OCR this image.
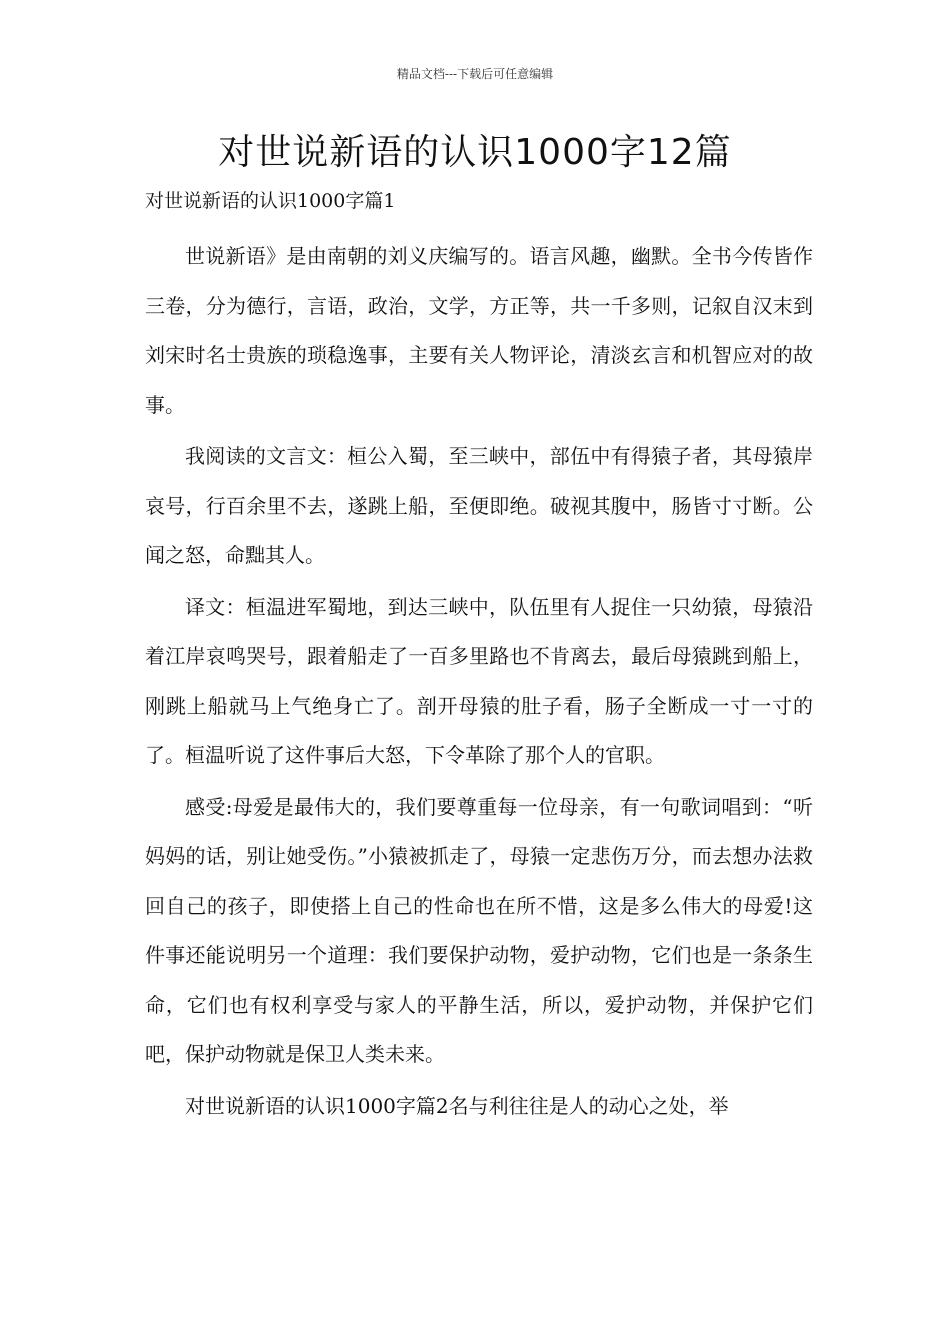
精品文档---下载后可任意编辑
对世说新语的认识1000字12篇

对世说新语的认识1000字篇1

世说新语》是由南朝的刘义庆编写的。语言风趣，幽默。全书今传皆作三卷，分为德行，言语，政治，文学，方正等，共一千多则，记叙自汉末到刘宋时名士贵族的琐稳逸事，主要有关人物评论，清淡玄言和机智应对的故事。

我阅读的文言文：桓公入蜀，至三峡中，部伍中有得猿子者，其母猿岸哀号，行百余里不去，遂跳上船，至便即绝。破视其腹中，肠皆寸寸断。公闻之怒，命黜其人。

译文：桓温进军蜀地，到达三峡中，队伍里有人捉住一只幼猿，母猿沿着江岸哀鸣哭号，跟着船走了一百多里路也不肯离去，最后母猿跳到船上，刚跳上船就马上气绝身亡了。剖开母猿的肚子看，肠子全断成一寸一寸的了。桓温听说了这件事后大怒，下令革除了那个人的官职。

感受:母爱是最伟大的，我们要尊重每一位母亲，有一句歌词唱到：“听妈妈的话，别让她受伤。”小猿被抓走了，母猿一定悲伤万分，而去想办法救回自己的孩子，即使搭上自己的性命也在所不惜，这是多么伟大的母爱!这件事还能说明另一个道理：我们要保护动物，爱护动物，它们也是一条条生命，它们也有权利享受与家人的平静生活，所以，爱护动物，并保护它们吧，保护动物就是保卫人类未来。

对世说新语的认识1000字篇2名与利往往是人的动心之处，举
